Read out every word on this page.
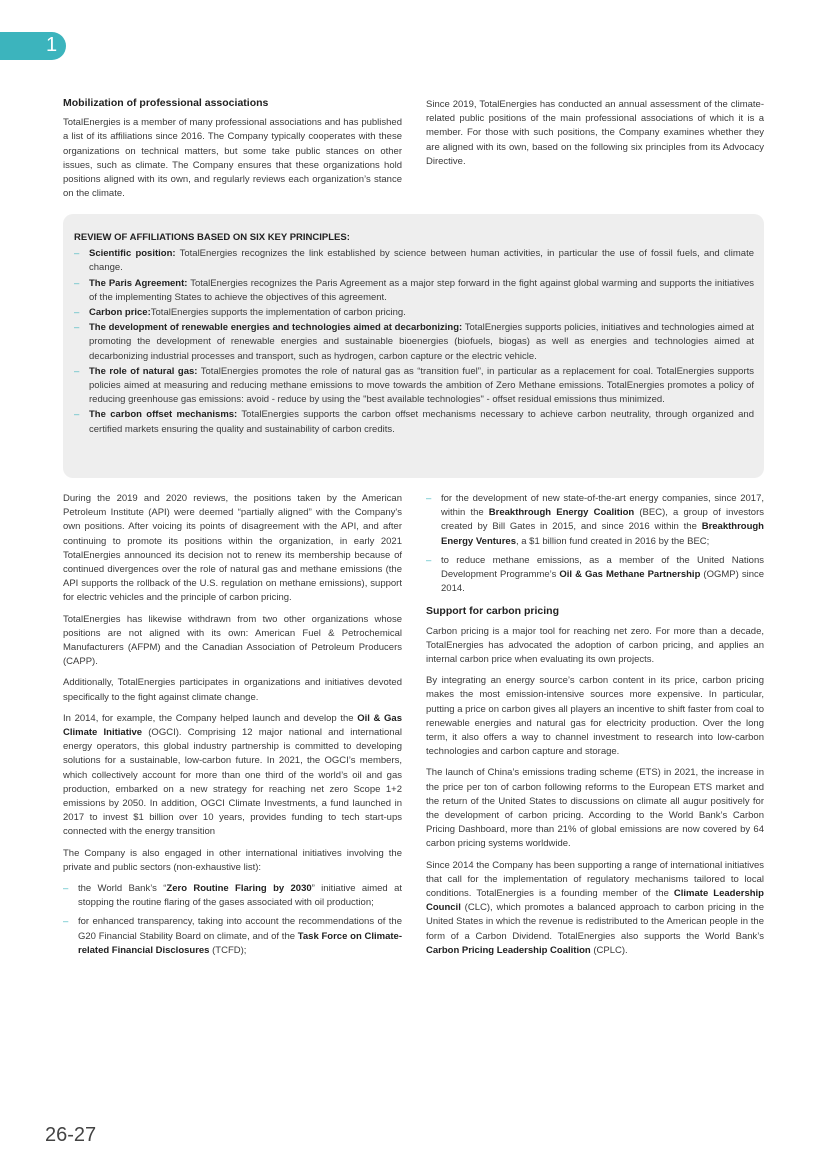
1
Mobilization of professional associations

TotalEnergies is a member of many professional associations and has published a list of its affiliations since 2016. The Company typically cooperates with these organizations on technical matters, but some take public stances on other issues, such as climate. The Company ensures that these organizations hold positions aligned with its own, and regularly reviews each organization’s stance on the climate.

Since 2019, TotalEnergies has conducted an annual assessment of the climate-related public positions of the main professional associations of which it is a member. For those with such positions, the Company examines whether they are aligned with its own, based on the following six principles from its Advocacy Directive.

REVIEW OF AFFILIATIONS BASED ON SIX KEY PRINCIPLES:
– Scientific position: TotalEnergies recognizes the link established by science between human activities, in particular the use of fossil fuels, and climate change.
– The Paris Agreement: TotalEnergies recognizes the Paris Agreement as a major step forward in the fight against global warming and supports the initiatives of the implementing States to achieve the objectives of this agreement.
– Carbon price:TotalEnergies supports the implementation of carbon pricing.
– The development of renewable energies and technologies aimed at decarbonizing: TotalEnergies supports policies, initiatives and technologies aimed at promoting the development of renewable energies and sustainable bioenergies (biofuels, biogas) as well as energies and technologies aimed at decarbonizing industrial processes and transport, such as hydrogen, carbon capture or the electric vehicle.
– The role of natural gas: TotalEnergies promotes the role of natural gas as “transition fuel”, in particular as a replacement for coal. TotalEnergies supports policies aimed at measuring and reducing methane emissions to move towards the ambition of Zero Methane emissions. TotalEnergies promotes a policy of reducing greenhouse gas emissions: avoid - reduce by using the "best available technologies" - offset residual emissions thus minimized.
– The carbon offset mechanisms: TotalEnergies supports the carbon offset mechanisms necessary to achieve carbon neutrality, through organized and certified markets ensuring the quality and sustainability of carbon credits.

During the 2019 and 2020 reviews, the positions taken by the American Petroleum Institute (API) were deemed “partially aligned” with the Company's own positions. After voicing its points of disagreement with the API, and after continuing to promote its positions within the organization, in early 2021 TotalEnergies announced its decision not to renew its membership because of continued divergences over the role of natural gas and methane emissions (the API supports the rollback of the U.S. regulation on methane emissions), support for electric vehicles and the principle of carbon pricing.

TotalEnergies has likewise withdrawn from two other organizations whose positions are not aligned with its own: American Fuel & Petrochemical Manufacturers (AFPM) and the Canadian Association of Petroleum Producers (CAPP).

Additionally, TotalEnergies participates in organizations and initiatives devoted specifically to the fight against climate change.

In 2014, for example, the Company helped launch and develop the Oil & Gas Climate Initiative (OGCI). Comprising 12 major national and international energy operators, this global industry partnership is committed to developing solutions for a sustainable, low-carbon future. In 2021, the OGCI’s members, which collectively account for more than one third of the world’s oil and gas production, embarked on a new strategy for reaching net zero Scope 1+2 emissions by 2050. In addition, OGCI Climate Investments, a fund launched in 2017 to invest $1 billion over 10 years, provides funding to tech start-ups connected with the energy transition

The Company is also engaged in other international initiatives involving the private and public sectors (non-exhaustive list):

– the World Bank’s “Zero Routine Flaring by 2030” initiative aimed at stopping the routine flaring of the gases associated with oil production;
– for enhanced transparency, taking into account the recommendations of the G20 Financial Stability Board on climate, and of the Task Force on Climate-related Financial Disclosures (TCFD);
– for the development of new state-of-the-art energy companies, since 2017, within the Breakthrough Energy Coalition (BEC), a group of investors created by Bill Gates in 2015, and since 2016 within the Breakthrough Energy Ventures, a $1 billion fund created in 2016 by the BEC;
– to reduce methane emissions, as a member of the United Nations Development Programme’s Oil & Gas Methane Partnership (OGMP) since 2014.
Support for carbon pricing

Carbon pricing is a major tool for reaching net zero. For more than a decade, TotalEnergies has advocated the adoption of carbon pricing, and applies an internal carbon price when evaluating its own projects.

By integrating an energy source’s carbon content in its price, carbon pricing makes the most emission-intensive sources more expensive. In particular, putting a price on carbon gives all players an incentive to shift faster from coal to renewable energies and natural gas for electricity production. Over the long term, it also offers a way to channel investment to research into low-carbon technologies and carbon capture and storage.

The launch of China’s emissions trading scheme (ETS) in 2021, the increase in the price per ton of carbon following reforms to the European ETS market and the return of the United States to discussions on climate all augur positively for the development of carbon pricing. According to the World Bank’s Carbon Pricing Dashboard, more than 21% of global emissions are now covered by 64 carbon pricing systems worldwide.

Since 2014 the Company has been supporting a range of international initiatives that call for the implementation of regulatory mechanisms tailored to local conditions. TotalEnergies is a founding member of the Climate Leadership Council (CLC), which promotes a balanced approach to carbon pricing in the United States in which the revenue is redistributed to the American people in the form of a Carbon Dividend. TotalEnergies also supports the World Bank’s Carbon Pricing Leadership Coalition (CPLC).

26-27
